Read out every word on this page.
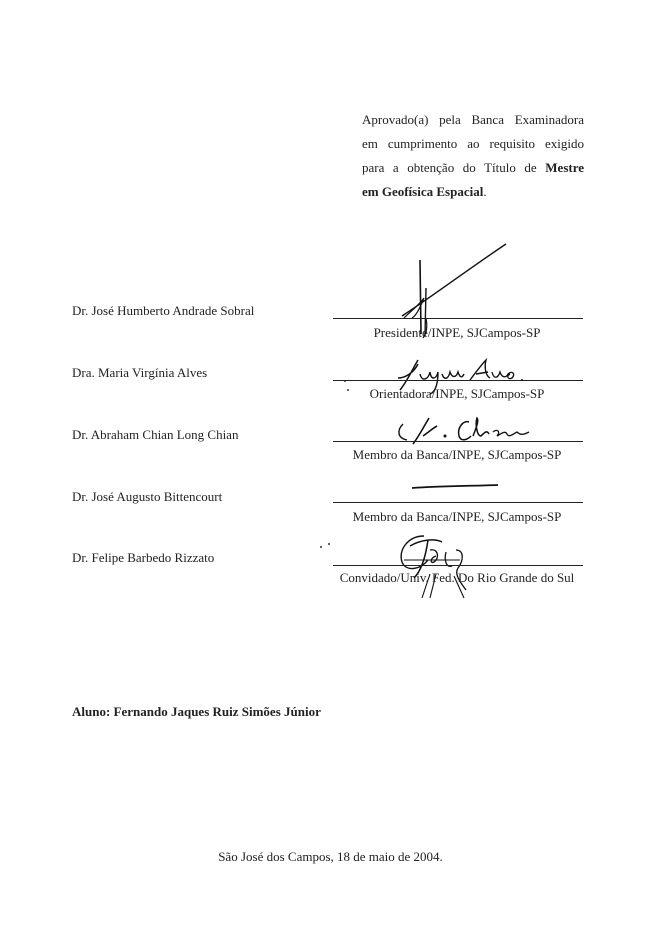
Aprovado(a) pela Banca Examinadora
em cumprimento ao requisito exigido
para a obtenção do Título de Mestre
em Geofísica Espacial.
Dr. José Humberto Andrade Sobral
Presidente/INPE, SJCampos-SP
Dra. Maria Virgínia Alves
Orientadora/INPE, SJCampos-SP
Dr. Abraham Chian Long Chian
Membro da Banca/INPE, SJCampos-SP
Dr. José Augusto Bittencourt
Membro da Banca/INPE, SJCampos-SP
Dr. Felipe Barbedo Rizzato
Convidado/Univ. Fed. Do Rio Grande do Sul
Aluno: Fernando Jaques Ruiz Simões Júnior
São José dos Campos, 18 de maio de 2004.
